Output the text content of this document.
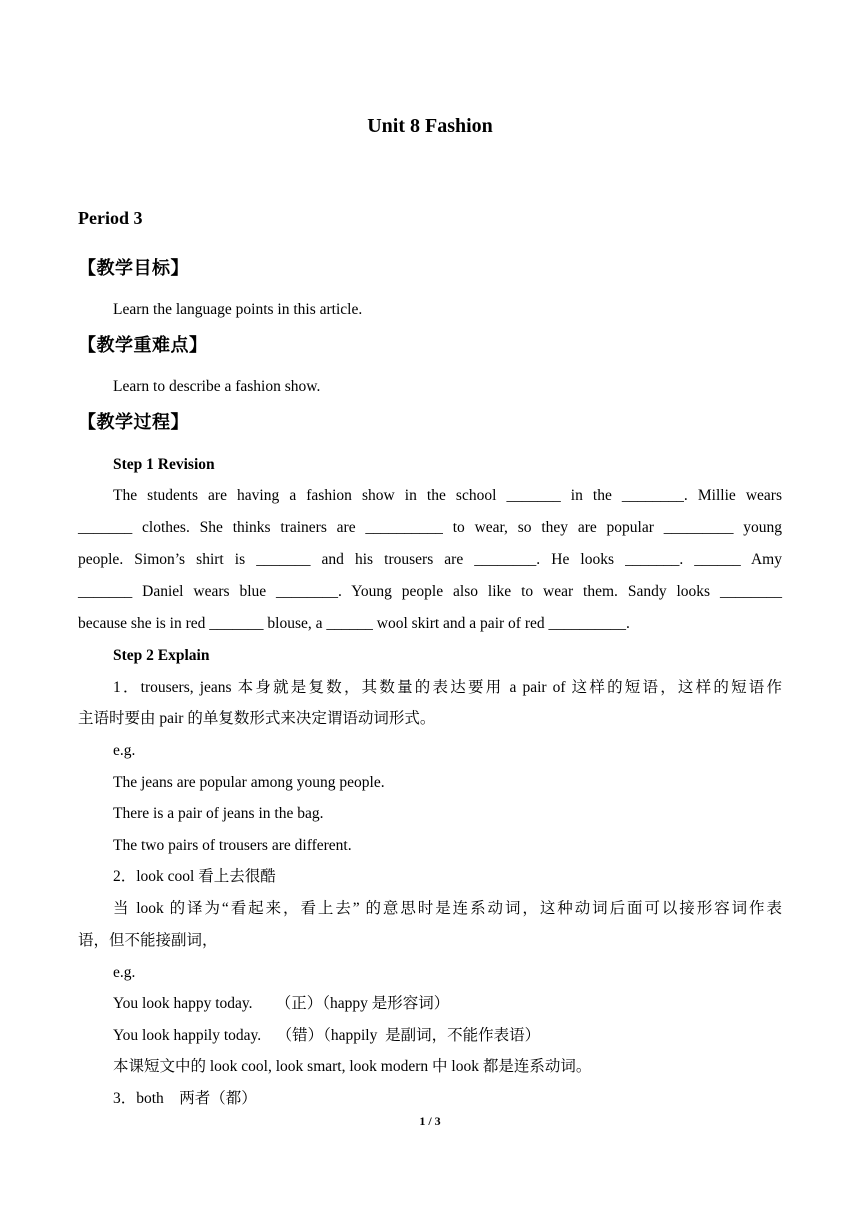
Unit 8 Fashion
Period 3
【教学目标】
Learn the language points in this article.
【教学重难点】
Learn to describe a fashion show.
【教学过程】
Step 1 Revision
The students are having a fashion show in the school _______ in the ________. Millie wears
_______ clothes. She thinks trainers are __________ to wear, so they are popular _________ young
people. Simon’s shirt is _______ and his trousers are ________. He looks _______. ______ Amy
_______ Daniel wears blue ________. Young people also like to wear them. Sandy looks ________
because she is in red _______ blouse, a ______ wool skirt and a pair of red __________.
Step 2 Explain
1．trousers, jeans 本身就是复数，其数量的表达要用 a pair of 这样的短语，这样的短语作
主语时要由 pair 的单复数形式来决定谓语动词形式。
e.g.
The jeans are popular among young people.
There is a pair of jeans in the bag.
The two pairs of trousers are different.
2．look cool 看上去很酷
当 look 的译为“看起来，看上去” 的意思时是连系动词，这种动词后面可以接形容词作表
语，但不能接副词，
e.g.
You look happy today.      （正）（happy 是形容词）
You look happily today.    （错）（happily  是副词，不能作表语）
本课短文中的 look cool, look smart, look modern 中 look 都是连系动词。
3．both    两者（都）
1 / 3
